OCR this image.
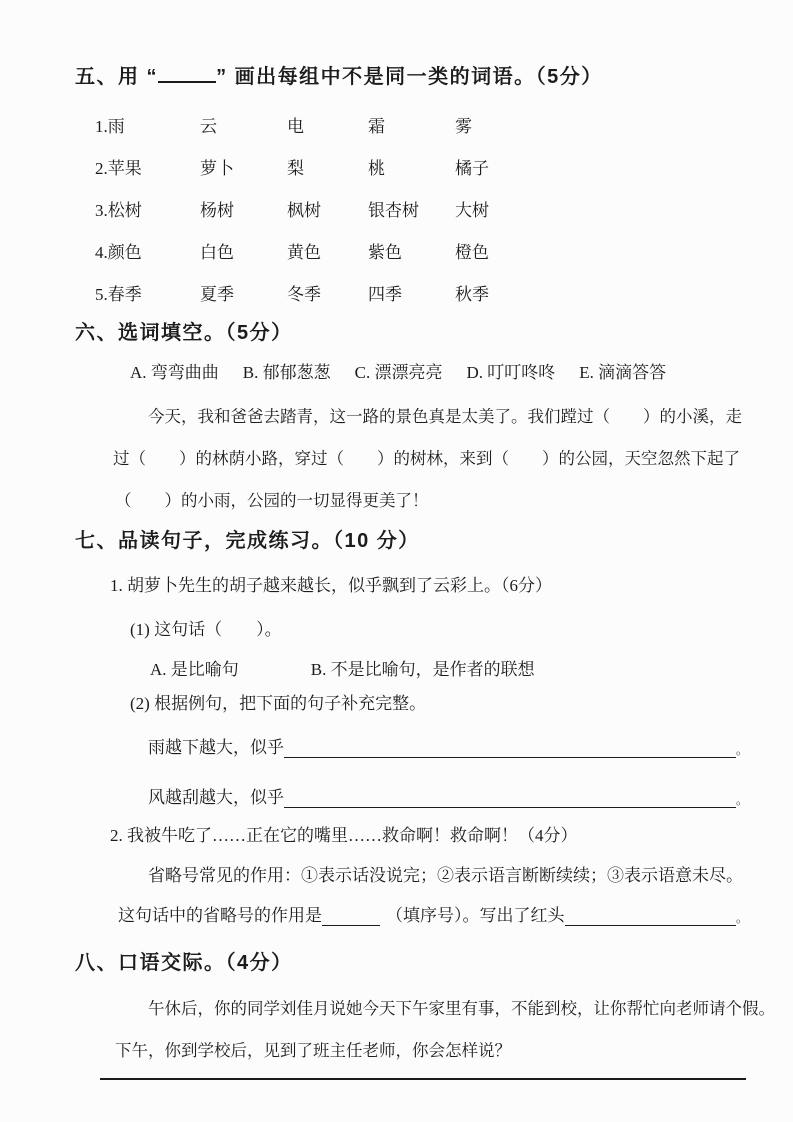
五、用 “	” 画出每组中不是同一类的词语。（5分）
1.雨	云	电	霜	雾
2.苹果	萝卜	梨	桃	橘子
3.松树	杨树	枫树	银杏树	大树
4.颜色	白色	黄色	紫色	橙色
5.春季	夏季	冬季	四季	秋季
六、选词填空。（5分）
A. 弯弯曲曲 B. 郁郁葱葱 C. 漂漂亮亮 D. 叮叮咚咚 E. 滴滴答答
今天，我和爸爸去踏青，这一路的景色真是太美了。我们蹚过（　　）的小溪，走
过（　　）的林荫小路，穿过（　　）的树林，来到（　　）的公园，天空忽然下起了
（　　）的小雨，公园的一切显得更美了！
七、品读句子，完成练习。（10 分）
1. 胡萝卜先生的胡子越来越长，似乎飘到了云彩上。（6分）
(1) 这句话（　　）。
A. 是比喻句	B. 不是比喻句，是作者的联想
(2) 根据例句，把下面的句子补充完整。
雨越下越大，似乎	。
风越刮越大，似乎	。
2. 我被牛吃了……正在它的嘴里……救命啊！救命啊！（4分）
省略号常见的作用：①表示话没说完；②表示语言断断续续；③表示语意未尽。
这句话中的省略号的作用是	（填序号）。写出了红头	。
八、口语交际。（4分）
午休后，你的同学刘佳月说她今天下午家里有事，不能到校，让你帮忙向老师请个假。
下午，你到学校后，见到了班主任老师，你会怎样说？
